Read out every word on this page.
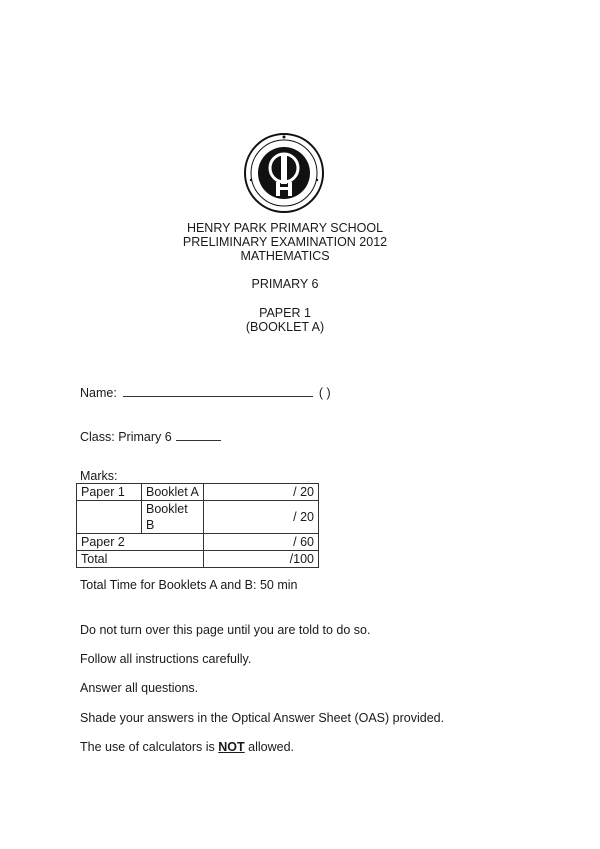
HENRY PARK PRIMARY SCHOOL
PRELIMINARY EXAMINATION 2012
MATHEMATICS
PRIMARY 6
PAPER 1
(BOOKLET A)
Name:	( )
Class: Primary 6
Marks:
Paper 1	Booklet A	/ 20
	Booklet B	/ 20
Paper 2		/ 60
Total		/100
Total Time for Booklets A and B: 50 min
Do not turn over this page until you are told to do so.
Follow all instructions carefully.
Answer all questions.
Shade your answers in the Optical Answer Sheet (OAS) provided.
The use of calculators is NOT allowed.
